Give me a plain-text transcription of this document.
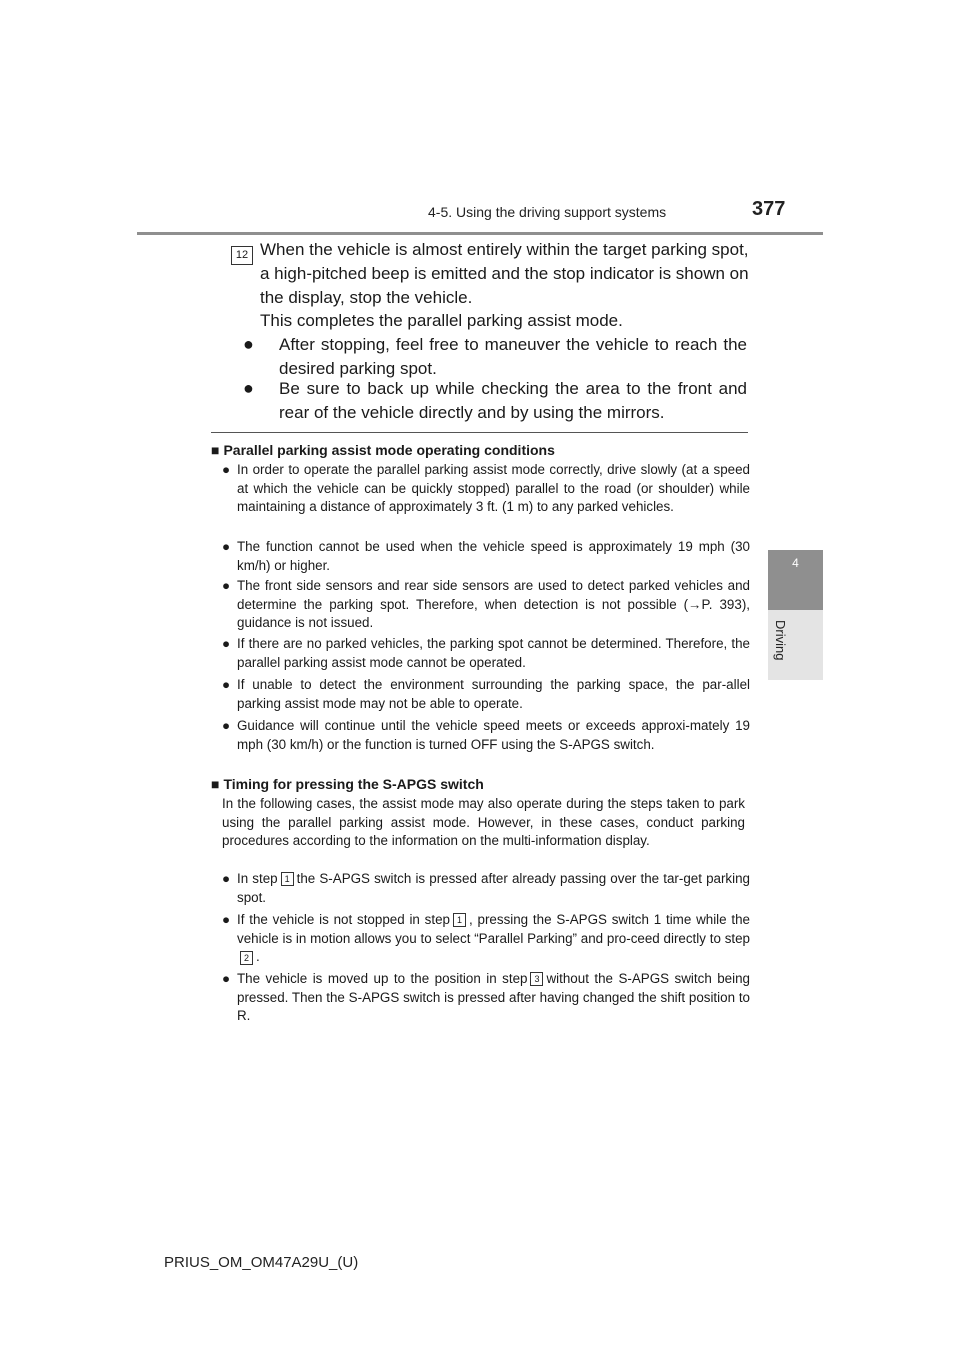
4-5. Using the driving support systems	377
4
Driving
12 When the vehicle is almost entirely within the target parking spot,

a high-pitched beep is emitted and the stop indicator is shown on

the display, stop the vehicle.

This completes the parallel parking assist mode.

● After stopping, feel free to maneuver the vehicle to reach the desired parking spot.
● Be sure to back up while checking the area to the front and rear of the vehicle directly and by using the mirrors.
■ Parallel parking assist mode operating conditions
● In order to operate the parallel parking assist mode correctly, drive slowly (at a speed at which the vehicle can be quickly stopped) parallel to the road (or shoulder) while maintaining a distance of approximately 3 ft. (1 m) to any parked vehicles.
● The function cannot be used when the vehicle speed is approximately 19 mph (30 km/h) or higher.
● The front side sensors and rear side sensors are used to detect parked vehicles and determine the parking spot. Therefore, when detection is not possible (→P. 393), guidance is not issued.
● If there are no parked vehicles, the parking spot cannot be determined. Therefore, the parallel parking assist mode cannot be operated.
● If unable to detect the environment surrounding the parking space, the par-allel parking assist mode may not be able to operate.
● Guidance will continue until the vehicle speed meets or exceeds approxi-mately 19 mph (30 km/h) or the function is turned OFF using the S-APGS switch.
■ Timing for pressing the S-APGS switch
In the following cases, the assist mode may also operate during the steps taken to park using the parallel parking assist mode. However, in these cases, conduct parking procedures according to the information on the multi-information display.
● In step 1 the S-APGS switch is pressed after already passing over the tar-get parking spot.
● If the vehicle is not stopped in step 1 , pressing the S-APGS switch 1 time while the vehicle is in motion allows you to select “Parallel Parking” and pro-ceed directly to step2 .
● The vehicle is moved up to the position in step 3 without the S-APGS switch being pressed. Then the S-APGS switch is pressed after having changed the shift position to R.
PRIUS_OM_OM47A29U_(U)
